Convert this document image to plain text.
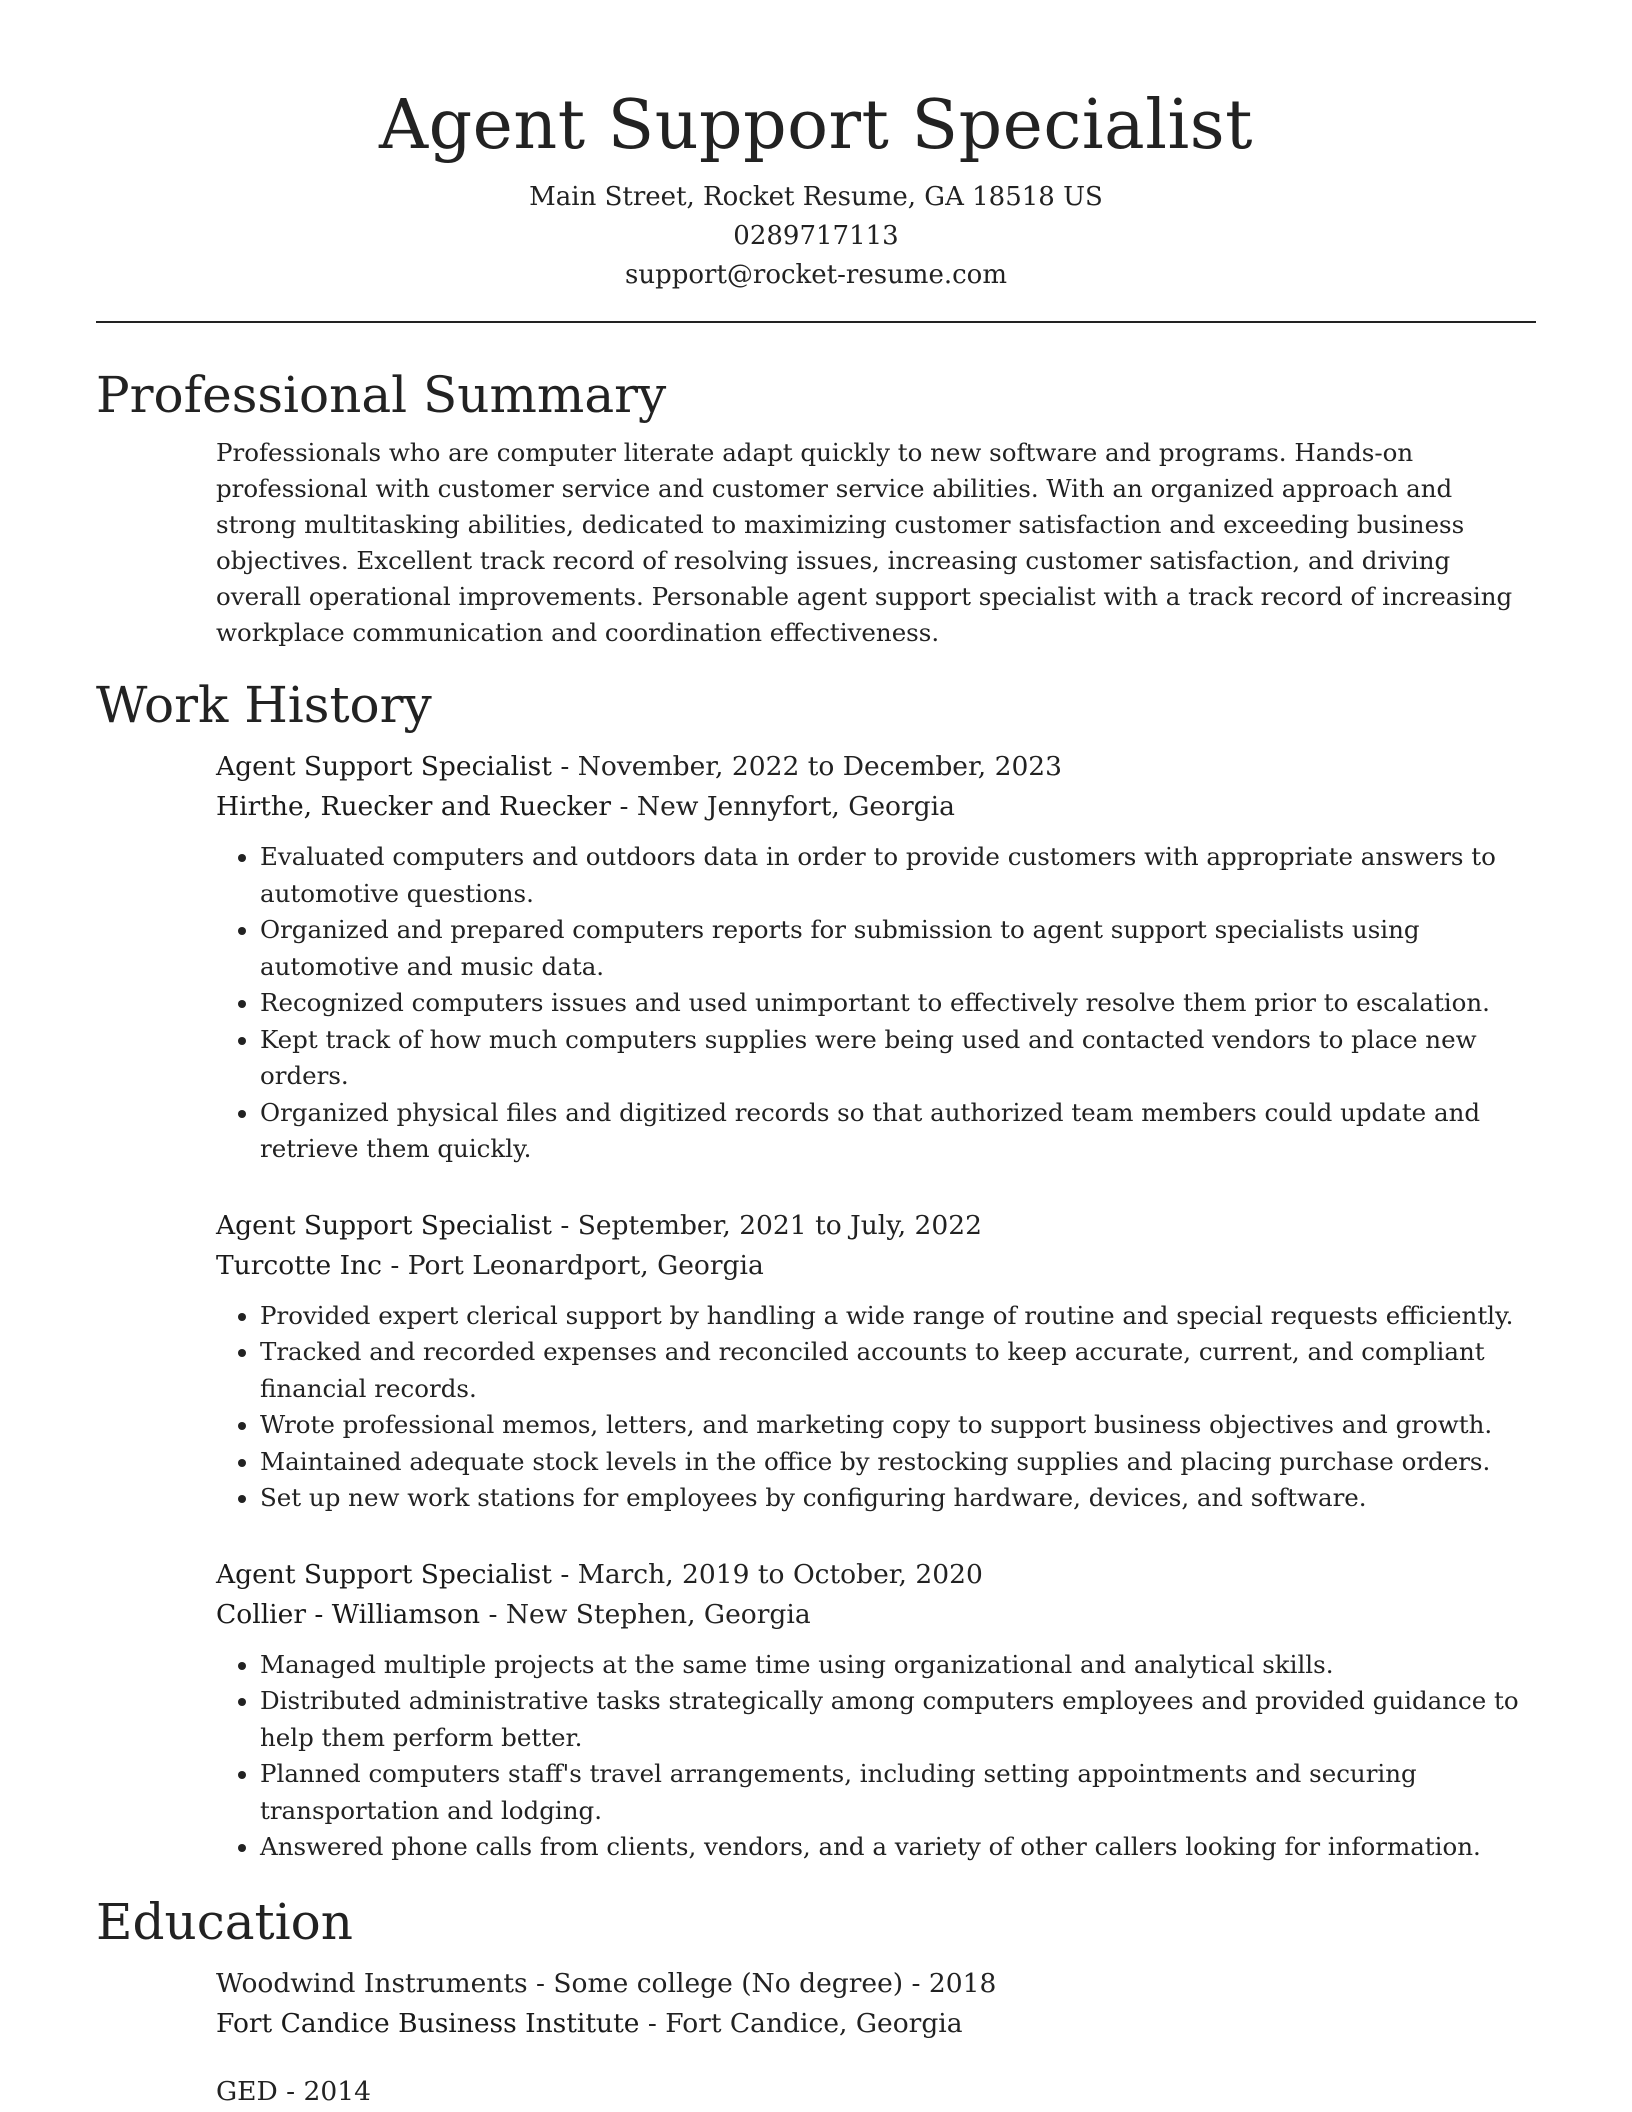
Agent Support Specialist
Main Street, Rocket Resume, GA 18518 US
0289717113
support@rocket-resume.com
Professional Summary

Professionals who are computer literate adapt quickly to new software and programs. Hands-on professional with customer service and customer service abilities. With an organized approach and strong multitasking abilities, dedicated to maximizing customer satisfaction and exceeding business objectives. Excellent track record of resolving issues, increasing customer satisfaction, and driving overall operational improvements. Personable agent support specialist with a track record of increasing workplace communication and coordination effectiveness.

Work History
Agent Support Specialist - November, 2022 to December, 2023
Hirthe, Ruecker and Ruecker - New Jennyfort, Georgia
• Evaluated computers and outdoors data in order to provide customers with appropriate answers to automotive questions.
• Organized and prepared computers reports for submission to agent support specialists using automotive and music data.
• Recognized computers issues and used unimportant to effectively resolve them prior to escalation.
• Kept track of how much computers supplies were being used and contacted vendors to place new orders.
• Organized physical files and digitized records so that authorized team members could update and retrieve them quickly.
Agent Support Specialist - September, 2021 to July, 2022
Turcotte Inc - Port Leonardport, Georgia
• Provided expert clerical support by handling a wide range of routine and special requests efficiently.
• Tracked and recorded expenses and reconciled accounts to keep accurate, current, and compliant financial records.
• Wrote professional memos, letters, and marketing copy to support business objectives and growth.
• Maintained adequate stock levels in the office by restocking supplies and placing purchase orders.
• Set up new work stations for employees by configuring hardware, devices, and software.
Agent Support Specialist - March, 2019 to October, 2020
Collier - Williamson - New Stephen, Georgia
• Managed multiple projects at the same time using organizational and analytical skills.
• Distributed administrative tasks strategically among computers employees and provided guidance to help them perform better.
• Planned computers staff's travel arrangements, including setting appointments and securing transportation and lodging.
• Answered phone calls from clients, vendors, and a variety of other callers looking for information.
Education
Woodwind Instruments - Some college (No degree) - 2018
Fort Candice Business Institute - Fort Candice, Georgia
GED - 2014
